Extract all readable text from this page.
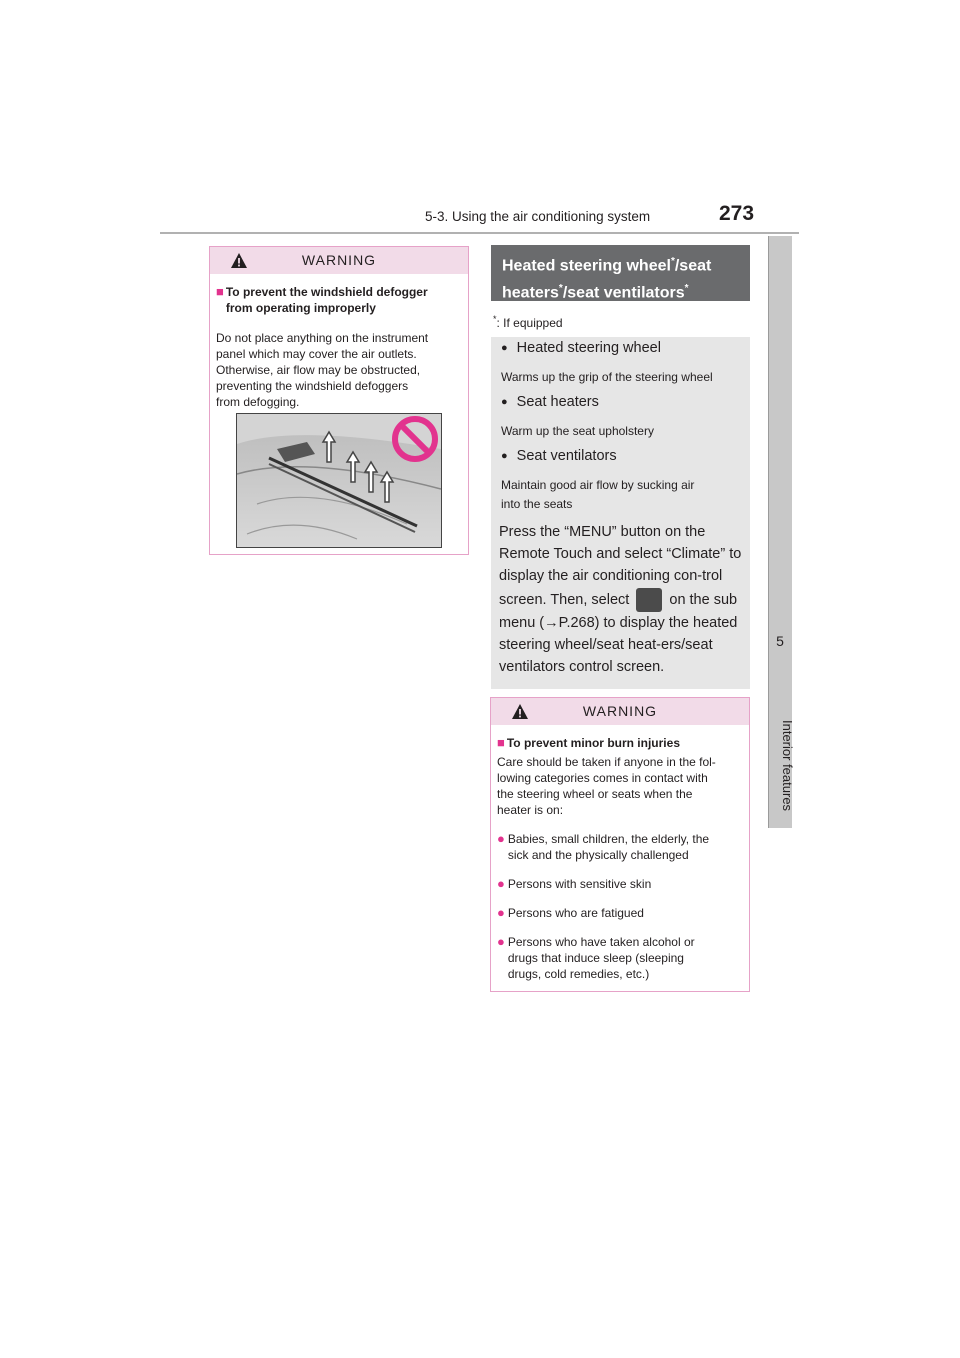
5-3. Using the air conditioning system	273
5
Interior features
WARNING
■ To prevent the windshield defogger
from operating improperly
Do not place anything on the instrument
panel which may cover the air outlets.
Otherwise, air flow may be obstructed,
preventing the windshield defoggers
from defogging.
Heated steering wheel*/seat
heaters*/seat ventilators*
*: If equipped
● Heated steering wheel
Warms up the grip of the steering wheel
● Seat heaters
Warm up the seat upholstery
● Seat ventilators
Maintain good air flow by sucking air
into the seats
Press the “MENU” button on the Remote Touch and select “Climate” to display the air conditioning con-trol screen. Then, select	on the sub menu (→P.268) to display the heated steering wheel/seat heat-ers/seat ventilators control screen.
WARNING
■ To prevent minor burn injuries
Care should be taken if anyone in the fol-
lowing categories comes in contact with
the steering wheel or seats when the
heater is on:
● Babies, small children, the elderly, the
sick and the physically challenged
● Persons with sensitive skin
● Persons who are fatigued
● Persons who have taken alcohol or
drugs that induce sleep (sleeping
drugs, cold remedies, etc.)
